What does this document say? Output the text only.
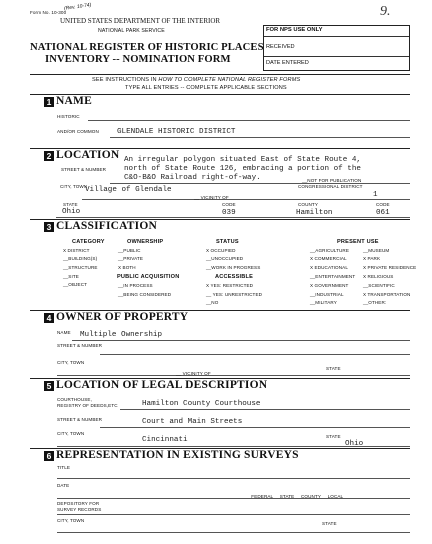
Form No. 10-300
(Rev. 10-74)	9.
UNITED STATES DEPARTMENT OF THE INTERIOR
NATIONAL PARK SERVICE
NATIONAL REGISTER OF HISTORIC PLACES
INVENTORY -- NOMINATION FORM
FOR NPS USE ONLY
RECEIVED
DATE ENTERED
SEE INSTRUCTIONS IN HOW TO COMPLETE NATIONAL REGISTER FORMS
TYPE ALL ENTRIES -- COMPLETE APPLICABLE SECTIONS
1 NAME
HISTORIC
AND/OR COMMON GLENDALE HISTORIC DISTRICT
2 LOCATION An irregular polygon situated East of State Route 4,
STREET & NUMBER north of State Route 126, embracing a portion of the
C&O-B&O Railroad right-of-way.	__NOT FOR PUBLICATION
CITY, TOWN
Village of Glendale	CONGRESSIONAL DISTRICT
1
__ VICINITY OF
STATE
Ohio
CODE
039
COUNTY
Hamilton
CODE
061
3 CLASSIFICATION
CATEGORY
X DISTRICT
__BUILDING(S)
__STRUCTURE
__SITE
__OBJECT
OWNERSHIP
__PUBLIC
__PRIVATE
X BOTH
PUBLIC ACQUISITION
__IN PROCESS
__BEING CONSIDERED
STATUS
X OCCUPIED
__UNOCCUPIED
__WORK IN PROGRESS
ACCESSIBLE
X YES: RESTRICTED
__ YES: UNRESTRICTED
__NO
PRESENT USE
__AGRICULTURE
X COMMERCIAL
X EDUCATIONAL
__ENTERTAINMENT
X GOVERNMENT
__INDUSTRIAL
__MILITARY
__MUSEUM
X PARK
X PRIVATE RESIDENCE
X RELIGIOUS
__SCIENTIFIC
X TRANSPORTATION
__OTHER:
4 OWNER OF PROPERTY
NAME Multiple Ownership
STREET & NUMBER
CITY, TOWN
STATE
__ VICINITY OF
5 LOCATION OF LEGAL DESCRIPTION
COURTHOUSE,
REGISTRY OF DEEDS,ETC	Hamilton County Courthouse
STREET & NUMBER	Court and Main Streets
CITY, TOWN
Cincinnati	STATE
Ohio
6 REPRESENTATION IN EXISTING SURVEYS
TITLE
DATE
__FEDERAL __STATE __COUNTY __LOCAL
DEPOSITORY FOR
SURVEY RECORDS
CITY, TOWN
STATE
